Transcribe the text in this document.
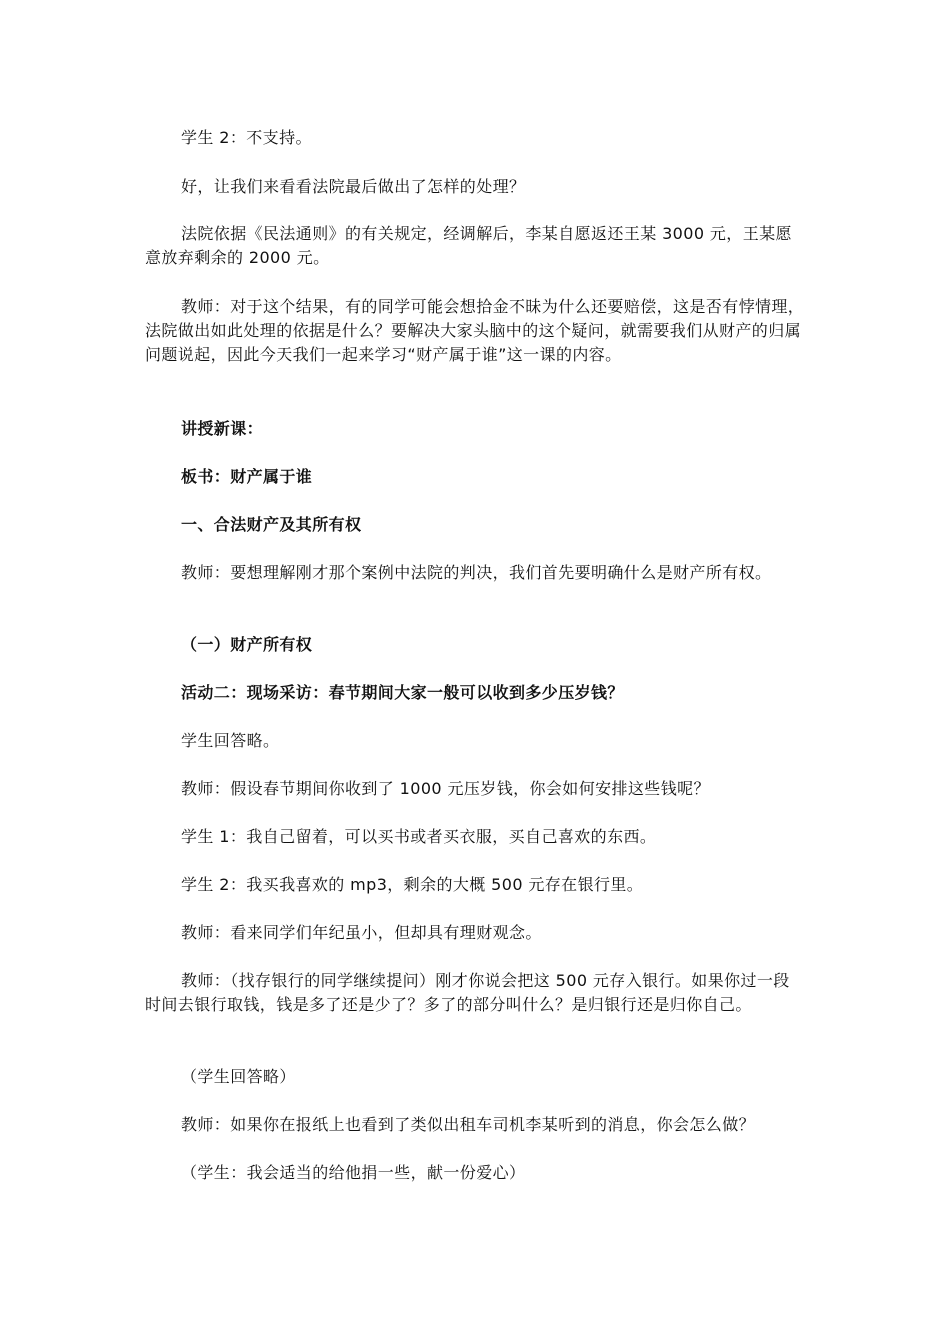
学生 2：不支持。

好，让我们来看看法院最后做出了怎样的处理？

法院依据《民法通则》的有关规定，经调解后，李某自愿返还王某 3000 元，王某愿意放弃剩余的 2000 元。

教师：对于这个结果，有的同学可能会想拾金不昧为什么还要赔偿，这是否有悖情理，法院做出如此处理的依据是什么？要解决大家头脑中的这个疑问，就需要我们从财产的归属问题说起，因此今天我们一起来学习“财产属于谁”这一课的内容。

讲授新课：

板书：财产属于谁

一、合法财产及其所有权

教师：要想理解刚才那个案例中法院的判决，我们首先要明确什么是财产所有权。

（一）财产所有权

活动二：现场采访：春节期间大家一般可以收到多少压岁钱？

学生回答略。

教师：假设春节期间你收到了 1000 元压岁钱，你会如何安排这些钱呢？

学生 1：我自己留着，可以买书或者买衣服，买自己喜欢的东西。

学生 2：我买我喜欢的 mp3，剩余的大概 500 元存在银行里。

教师：看来同学们年纪虽小，但却具有理财观念。

教师：（找存银行的同学继续提问）刚才你说会把这 500 元存入银行。如果你过一段时间去银行取钱，钱是多了还是少了？多了的部分叫什么？是归银行还是归你自己。

（学生回答略）

教师：如果你在报纸上也看到了类似出租车司机李某听到的消息，你会怎么做？

（学生：我会适当的给他捐一些，献一份爱心）
